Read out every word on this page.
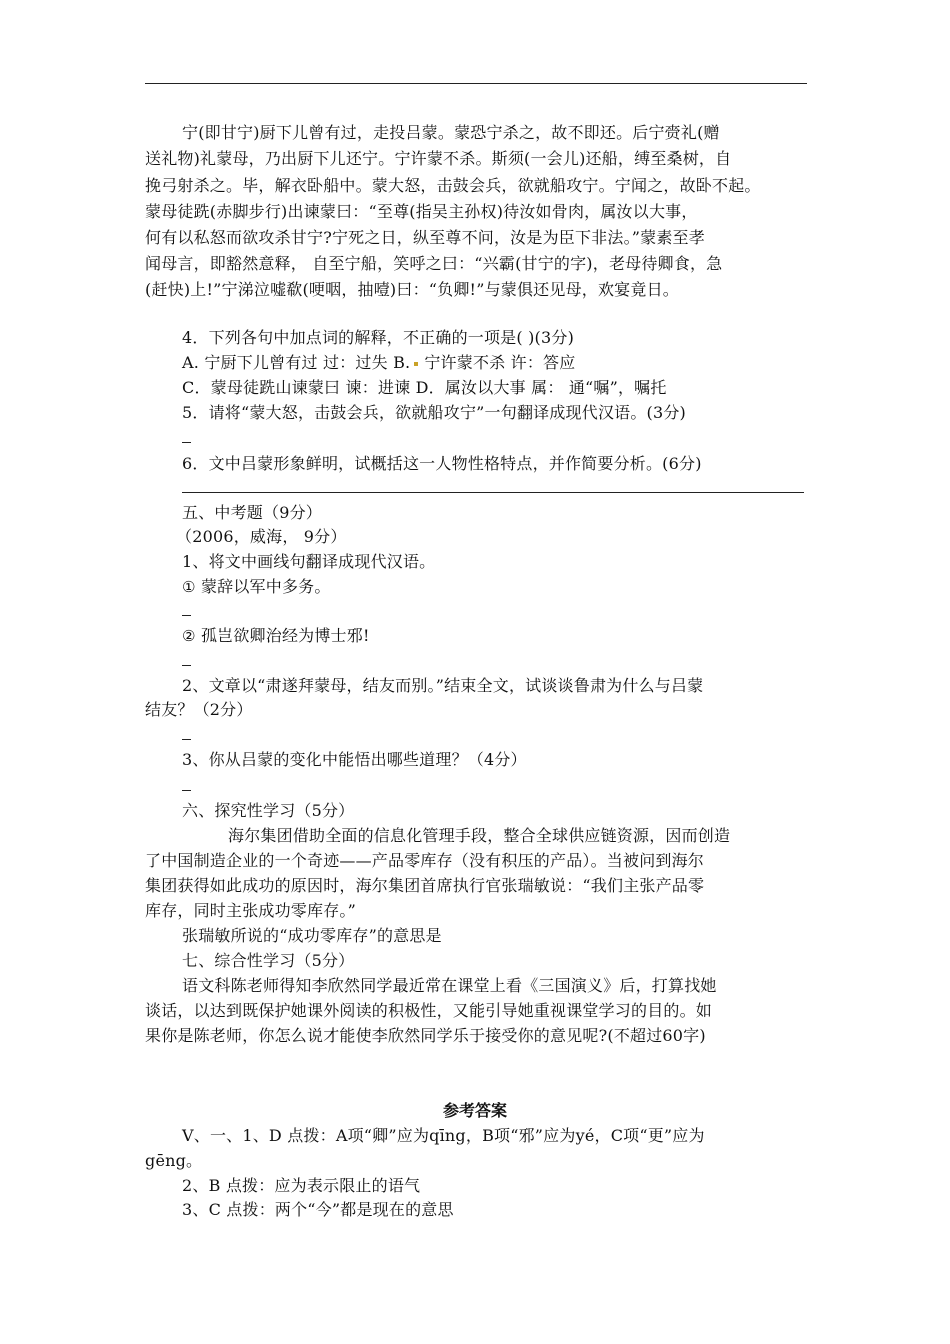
宁(即甘宁)厨下儿曾有过，走投吕蒙。蒙恐宁杀之，故不即还。后宁赍礼(赠
送礼物)礼蒙母，乃出厨下儿还宁。宁许蒙不杀。斯须(一会儿)还船，缚至桑树，自
挽弓射杀之。毕，解衣卧船中。蒙大怒，击鼓会兵，欲就船攻宁。宁闻之，故卧不起。
蒙母徒跣(赤脚步行)出谏蒙曰：“至尊(指吴主孙权)待汝如骨肉，属汝以大事，
何有以私怒而欲攻杀甘宁?宁死之日，纵至尊不问，汝是为臣下非法。”蒙素至孝
闻母言，即豁然意释， 自至宁船，笑呼之曰：“兴霸(甘宁的字)，老母待卿食，急
(赶快)上!”宁涕泣嘘欷(哽咽，抽噎)曰：“负卿!”与蒙俱还见母，欢宴竟日。
4．下列各句中加点词的解释，不正确的一项是( )(3分)
A. 宁厨下儿曾有过 过：过失 B. 宁许蒙不杀 许：答应
C．蒙母徒跣山谏蒙曰 谏：进谏 D．属汝以大事 属： 通“嘱”，嘱托
5．请将“蒙大怒，击鼓会兵，欲就船攻宁”一句翻译成现代汉语。(3分)
6．文中吕蒙形象鲜明，试概括这一人物性格特点，并作简要分析。(6分)
五、中考题（9分）
（2006，威海， 9分）
1、将文中画线句翻译成现代汉语。
① 蒙辞以军中多务。
② 孤岂欲卿治经为博士邪!
2、文章以“肃遂拜蒙母，结友而别。”结束全文，试谈谈鲁肃为什么与吕蒙
结友？（2分）
3、你从吕蒙的变化中能悟出哪些道理？（4分）
六、探究性学习（5分）
海尔集团借助全面的信息化管理手段，整合全球供应链资源，因而创造
了中国制造企业的一个奇迹——产品零库存（没有积压的产品）。当被问到海尔
集团获得如此成功的原因时，海尔集团首席执行官张瑞敏说：“我们主张产品零
库存，同时主张成功零库存。”
张瑞敏所说的“成功零库存”的意思是
七、综合性学习（5分）
语文科陈老师得知李欣然同学最近常在课堂上看《三国演义》后，打算找她
谈话，以达到既保护她课外阅读的积极性，又能引导她重视课堂学习的目的。如
果你是陈老师，你怎么说才能使李欣然同学乐于接受你的意见呢?(不超过60字)
参考答案
Ⅴ、一、1、D 点拨：A项“卿”应为qīng，B项“邪”应为yé，C项“更”应为
gēng。
2、B 点拨：应为表示限止的语气
3、C 点拨：两个“今”都是现在的意思
